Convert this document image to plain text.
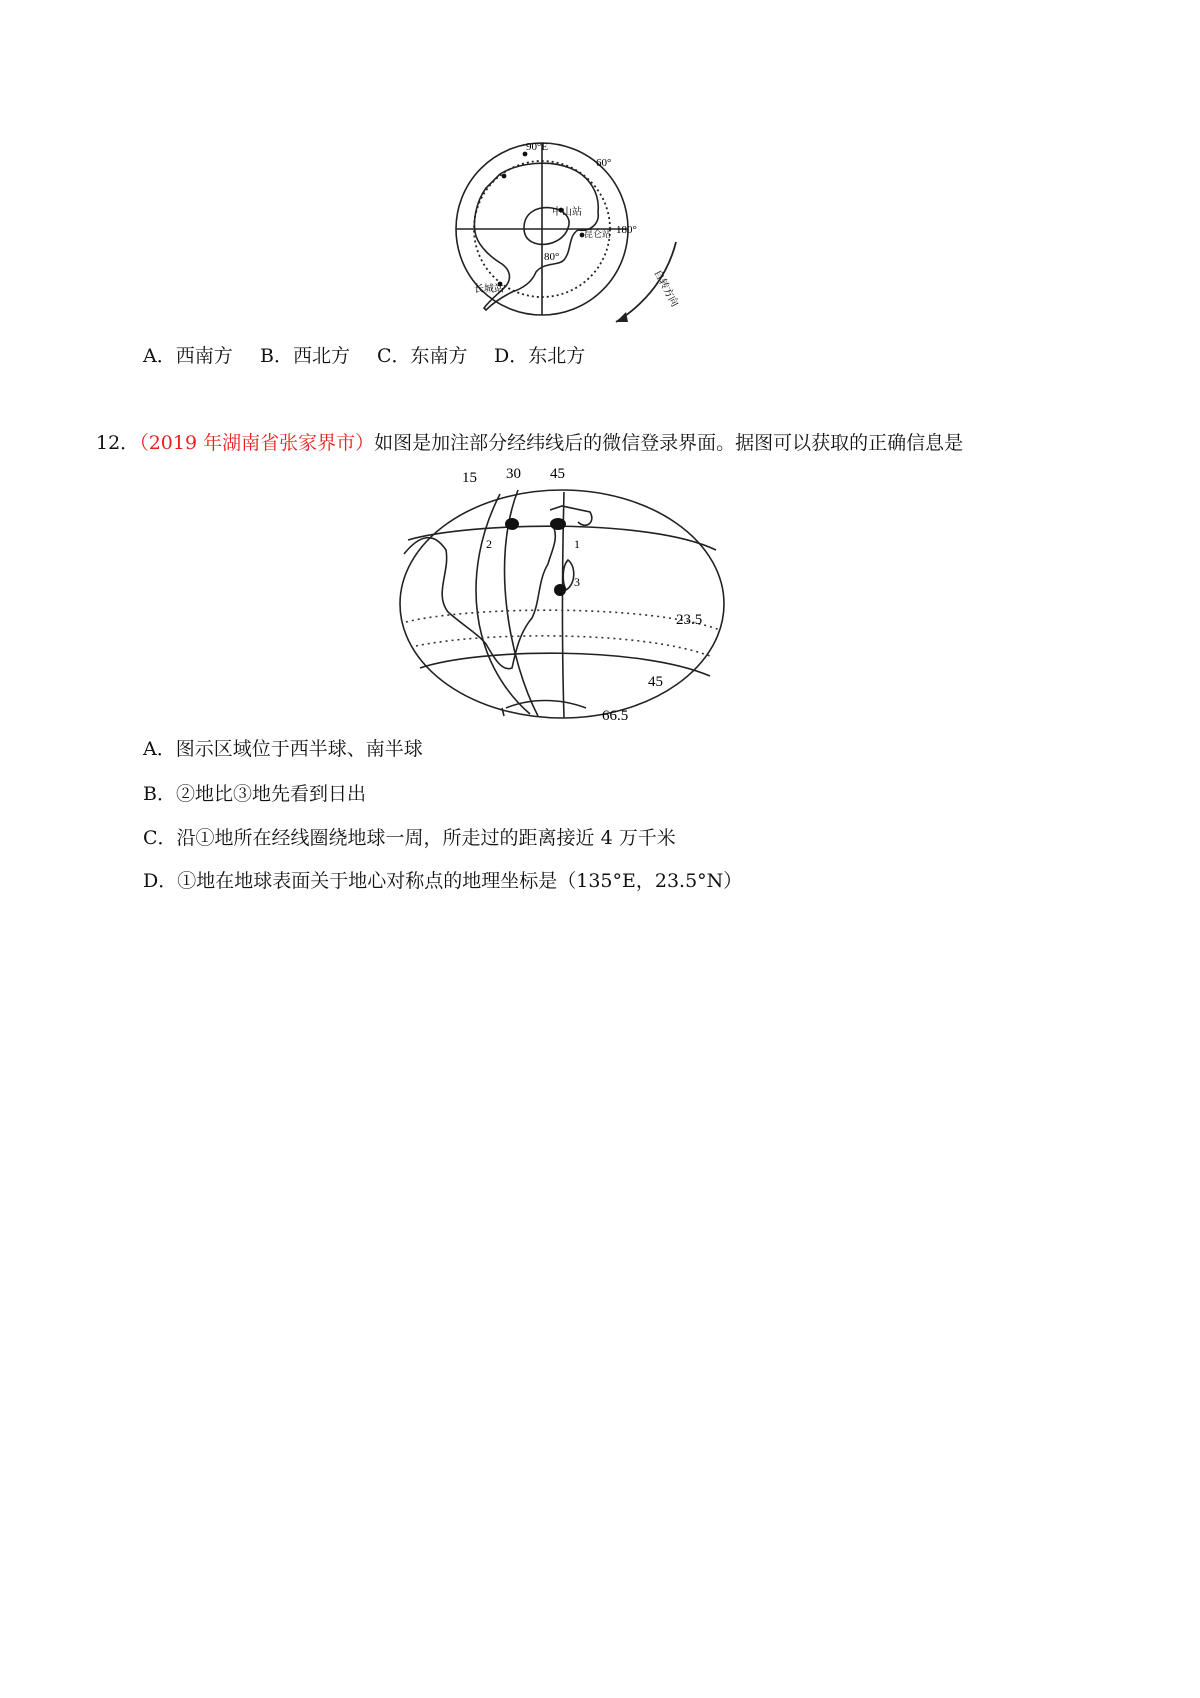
90°E
60°
180°
80°
中山站
昆仑站
长城站	自转方向
A．西南方 B．西北方 C．东南方 D．东北方
12．（2019 年湖南省张家界市）如图是加注部分经纬线后的微信登录界面。据图可以获取的正确信息是
15 30 45
23.5
45
66.5
1
2
3
A．图示区域位于西半球、南半球
B．②地比③地先看到日出
C．沿①地所在经线圈绕地球一周，所走过的距离接近 4 万千米
D．①地在地球表面关于地心对称点的地理坐标是（135°E，23.5°N）
